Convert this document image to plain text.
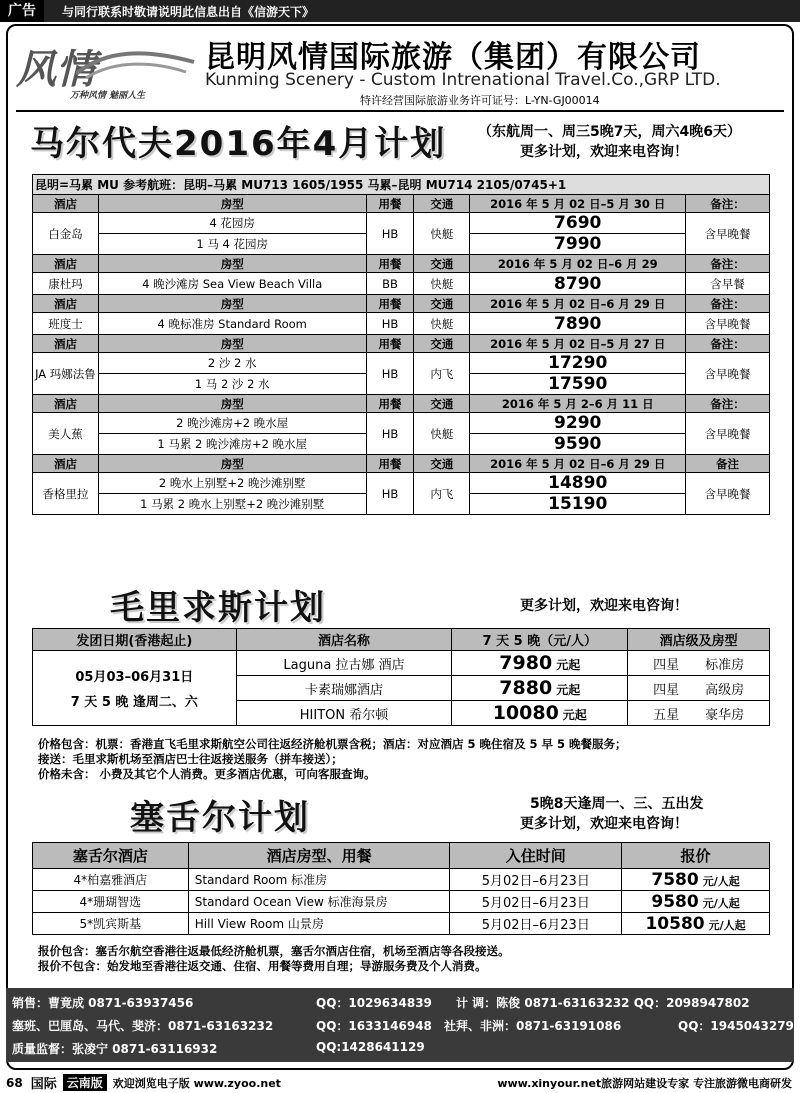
广告	与同行联系时敬请说明此信息出自《信游天下》
风情
万种风情 魅丽人生
昆明风情国际旅游（集团）有限公司
Kunming Scenery - Custom Intrenational Travel.Co.,GRP LTD.
特许经营国际旅游业务许可证号：L-YN-GJ00014
马尔代夫2016年4月计划 （东航周一、周三5晚7天，周六4晚6天）
更多计划，欢迎来电咨询！
昆明=马累 MU 参考航班：昆明–马累 MU713 1605/1955 马累–昆明 MU714 2105/0745+1					
酒店	房型	用餐	交通	2016 年 5 月 02 日–5 月 30 日	备注：
白金岛	4 花园房	HB	快艇	7690	含早晚餐
	1 马 4 花园房			7990	
酒店	房型	用餐	交通	2016 年 5 月 02 日–6 月 29	备注：
康杜玛	4 晚沙滩房 Sea View Beach Villa	BB	快艇	8790	含早餐
酒店	房型	用餐	交通	2016 年 5 月 02 日–6 月 29 日	备注：
班度士	4 晚标准房 Standard Room	HB	快艇	7890	含早晚餐
酒店	房型	用餐	交通	2016 年 5 月 02 日–5 月 27 日	备注：
JA 玛娜法鲁	2 沙 2 水	HB	内飞	17290	含早晚餐
	1 马 2 沙 2 水			17590	
酒店	房型	用餐	交通	2016 年 5 月 2–6 月 11 日	备注：
美人蕉	2 晚沙滩房+2 晚水屋	HB	快艇	9290	含早晚餐
	1 马累 2 晚沙滩房+2 晚水屋			9590	
酒店	房型	用餐	交通	2016 年 5 月 02 日–6 月 29 日	备注
香格里拉	2 晚水上别墅+2 晚沙滩别墅	HB	内飞	14890	含早晚餐
	1 马累 2 晚水上别墅+2 晚沙滩别墅			15190	
毛里求斯计划	更多计划，欢迎来电咨询！
发团日期(香港起止)	酒店名称	7 天 5 晚（元/人）	酒店级及房型

05月03–06月31日
7 天 5 晚 逢周二、六	Laguna 拉古娜 酒店	7980 元起	四星 标准房
	卡素瑞娜酒店	7880 元起	四星 高级房
	HIITON 希尔顿	10080 元起	五星 豪华房
价格包含：机票：香港直飞毛里求斯航空公司往返经济舱机票含税；酒店：对应酒店 5 晚住宿及 5 早 5 晚餐服务；
接送：毛里求斯机场至酒店巴士往返接送服务（拼车接送）；
价格未含： 小费及其它个人消费。更多酒店优惠，可向客服查询。
塞舌尔计划	5晚8天逢周一、三、五出发
更多计划，欢迎来电咨询！
塞舌尔酒店	酒店房型、用餐	入住时间	报价
4*柏嘉雅酒店	Standard Room 标准房	5月02日–6月23日	7580 元/人起
4*珊瑚智选	Standard Ocean View 标准海景房	5月02日–6月23日	9580 元/人起
5*凯宾斯基	Hill View Room 山景房	5月02日–6月23日	10580 元/人起
报价包含：塞舌尔航空香港往返最低经济舱机票，塞舌尔酒店住宿，机场至酒店等各段接送。
报价不包含：始发地至香港往返交通、住宿、用餐等费用自理；导游服务费及个人消费。
销售：曹竟成 0871-63937456	QQ：1029634839 计 调：陈俊 0871-63163232 QQ：2098947802
塞班、巴厘岛、马代、斐济：0871-63163232	QQ：1633146948 社拜、非洲：0871-63191086	QQ：1945043279
质量监督：张凌宁 0871-63116932	QQ:1428641129
68 国际 云南版 欢迎浏览电子版 www.zyoo.net	www.xinyour.net旅游网站建设专家 专注旅游微电商研发
